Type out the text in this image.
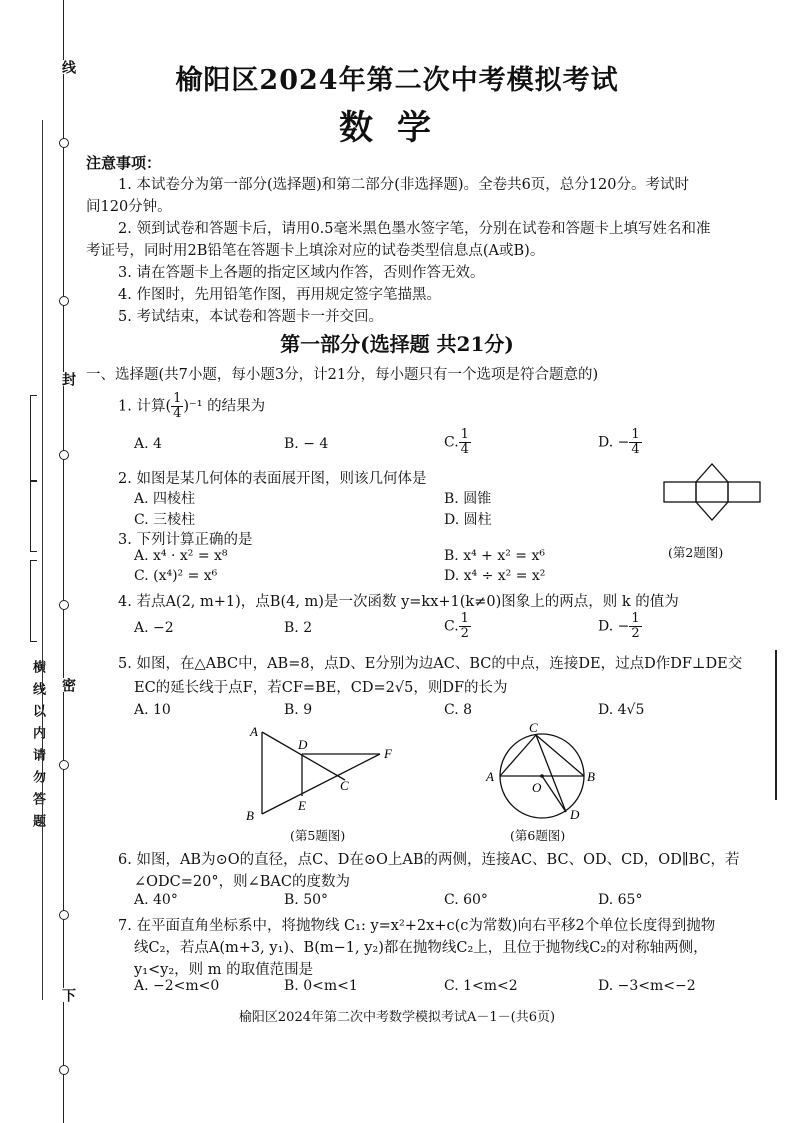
线
封
密
下
横线以内请勿答题
榆阳区2024年第二次中考模拟考试
数学
注意事项：
1. 本试卷分为第一部分(选择题)和第二部分(非选择题)。全卷共6页，总分120分。考试时
间120分钟。
2. 领到试卷和答题卡后，请用0.5毫米黑色墨水签字笔，分别在试卷和答题卡上填写姓名和准
考证号，同时用2B铅笔在答题卡上填涂对应的试卷类型信息点(A或B)。
3. 请在答题卡上各题的指定区域内作答，否则作答无效。
4. 作图时，先用铅笔作图，再用规定签字笔描黑。
5. 考试结束，本试卷和答题卡一并交回。
第一部分(选择题 共21分)
一、选择题(共7小题，每小题3分，计21分，每小题只有一个选项是符合题意的)
1. 计算( $\frac{1}{4} )^{-1}$ 的结果为
A. 4	B. − 4	C. $\frac{1}{4}$	D. − $\frac{1}{4}$
2. 如图是某几何体的表面展开图，则该几何体是
A. 四棱柱	B. 圆锥
C. 三棱柱	D. 圆柱
(第2题图)
3. 下列计算正确的是
A. x⁴ · x² = x⁸	B. x⁴ + x² = x⁶
C. (x⁴)² = x⁶	D. x⁴ ÷ x² = x²
4. 若点A(2, m+1)，点B(4, m)是一次函数 y=kx+1(k≠0)图象上的两点，则 k 的值为
A. −2	B. 2	C. $\frac{1}{2}$	D. − $\frac{1}{2}$
5. 如图，在△ABC中，AB=8，点D、E分别为边AC、BC的中点，连接DE，过点D作DF⊥DE交
EC的延长线于点F，若CF=BE，CD=2√5，则DF的长为
A. 10	B. 9	C. 8	D. 4√5
A
B
D
E
C
F
(第5题图)
C
A	B
O
D
(第6题图)
6. 如图，AB为⊙O的直径，点C、D在⊙O上AB的两侧，连接AC、BC、OD、CD，OD∥BC，若
∠ODC=20°，则∠BAC的度数为
A. 40°	B. 50°	C. 60°	D. 65°
7. 在平面直角坐标系中，将抛物线 C₁: y=x²+2x+c(c为常数)向右平移2个单位长度得到抛物
线C₂，若点A(m+3, y₁)、B(m−1, y₂)都在抛物线C₂上，且位于抛物线C₂的对称轴两侧，
y₁<y₂，则 m 的取值范围是
A. −2<m<0	B. 0<m<1	C. 1<m<2	D. −3<m<−2
榆阳区2024年第二次中考数学模拟考试A－1－(共6页)
